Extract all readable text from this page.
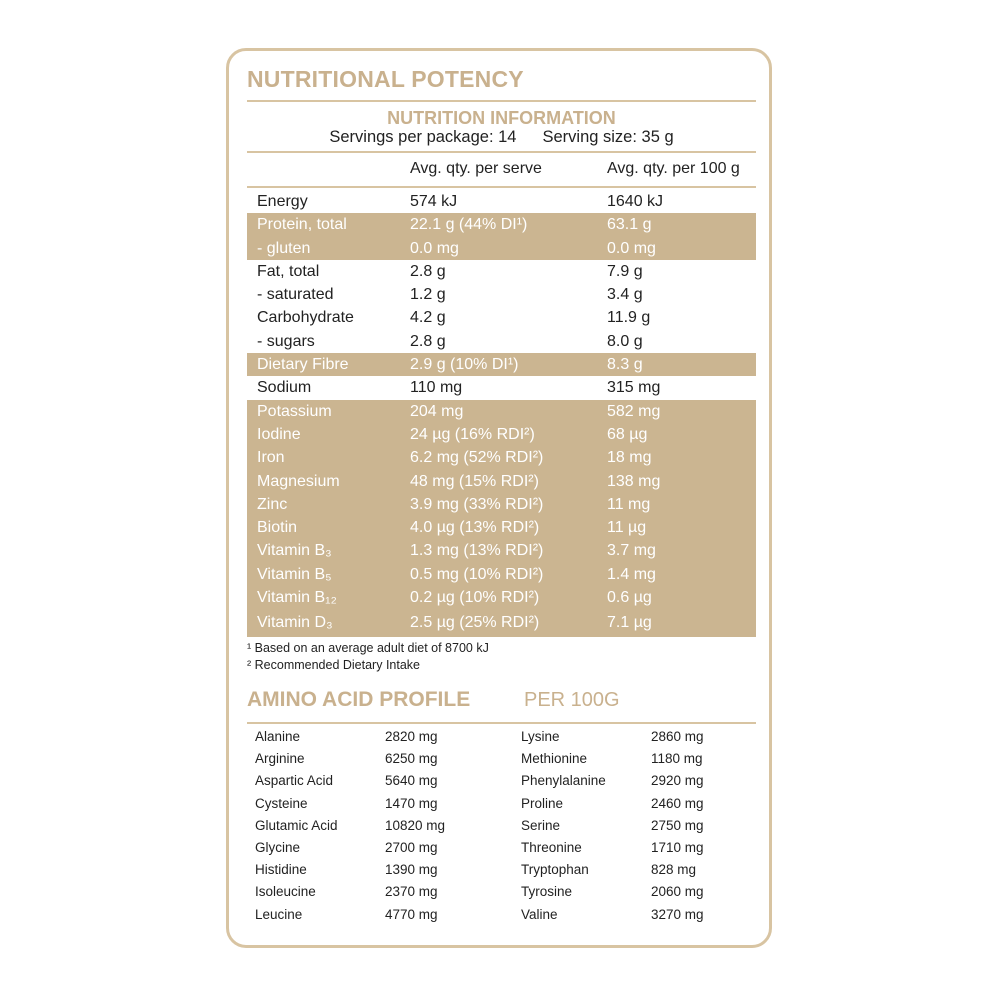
NUTRITIONAL POTENCY
NUTRITION INFORMATION
Servings per package: 14 Serving size: 35 g
Avg. qty. per serve	Avg. qty. per 100 g
Energy	574 kJ	1640 kJ
Protein, total	22.1 g (44% DI¹)	63.1 g
- gluten	0.0 mg	0.0 mg
Fat, total	2.8 g	7.9 g
- saturated	1.2 g	3.4 g
Carbohydrate	4.2 g	11.9 g
- sugars	2.8 g	8.0 g
Dietary Fibre	2.9 g (10% DI¹)	8.3 g
Sodium	110 mg	315 mg
Potassium	204 mg	582 mg
Iodine	24 µg (16% RDI²)	68 µg
Iron	6.2 mg (52% RDI²)	18 mg
Magnesium	48 mg (15% RDI²)	138 mg
Zinc	3.9 mg (33% RDI²)	11 mg
Biotin	4.0 µg (13% RDI²)	11 µg
Vitamin B₃	1.3 mg (13% RDI²)	3.7 mg
Vitamin B₅	0.5 mg (10% RDI²)	1.4 mg
Vitamin B₁₂	0.2 µg (10% RDI²)	0.6 µg
Vitamin D₃	2.5 µg (25% RDI²)	7.1 µg
¹ Based on an average adult diet of 8700 kJ
² Recommended Dietary Intake
AMINO ACID PROFILE	PER 100G
Alanine	2820 mg	Lysine	2860 mg
Arginine	6250 mg	Methionine	1180 mg
Aspartic Acid	5640 mg	Phenylalanine	2920 mg
Cysteine	1470 mg	Proline	2460 mg
Glutamic Acid	10820 mg	Serine	2750 mg
Glycine	2700 mg	Threonine	1710 mg
Histidine	1390 mg	Tryptophan	828 mg
Isoleucine	2370 mg	Tyrosine	2060 mg
Leucine	4770 mg	Valine	3270 mg
